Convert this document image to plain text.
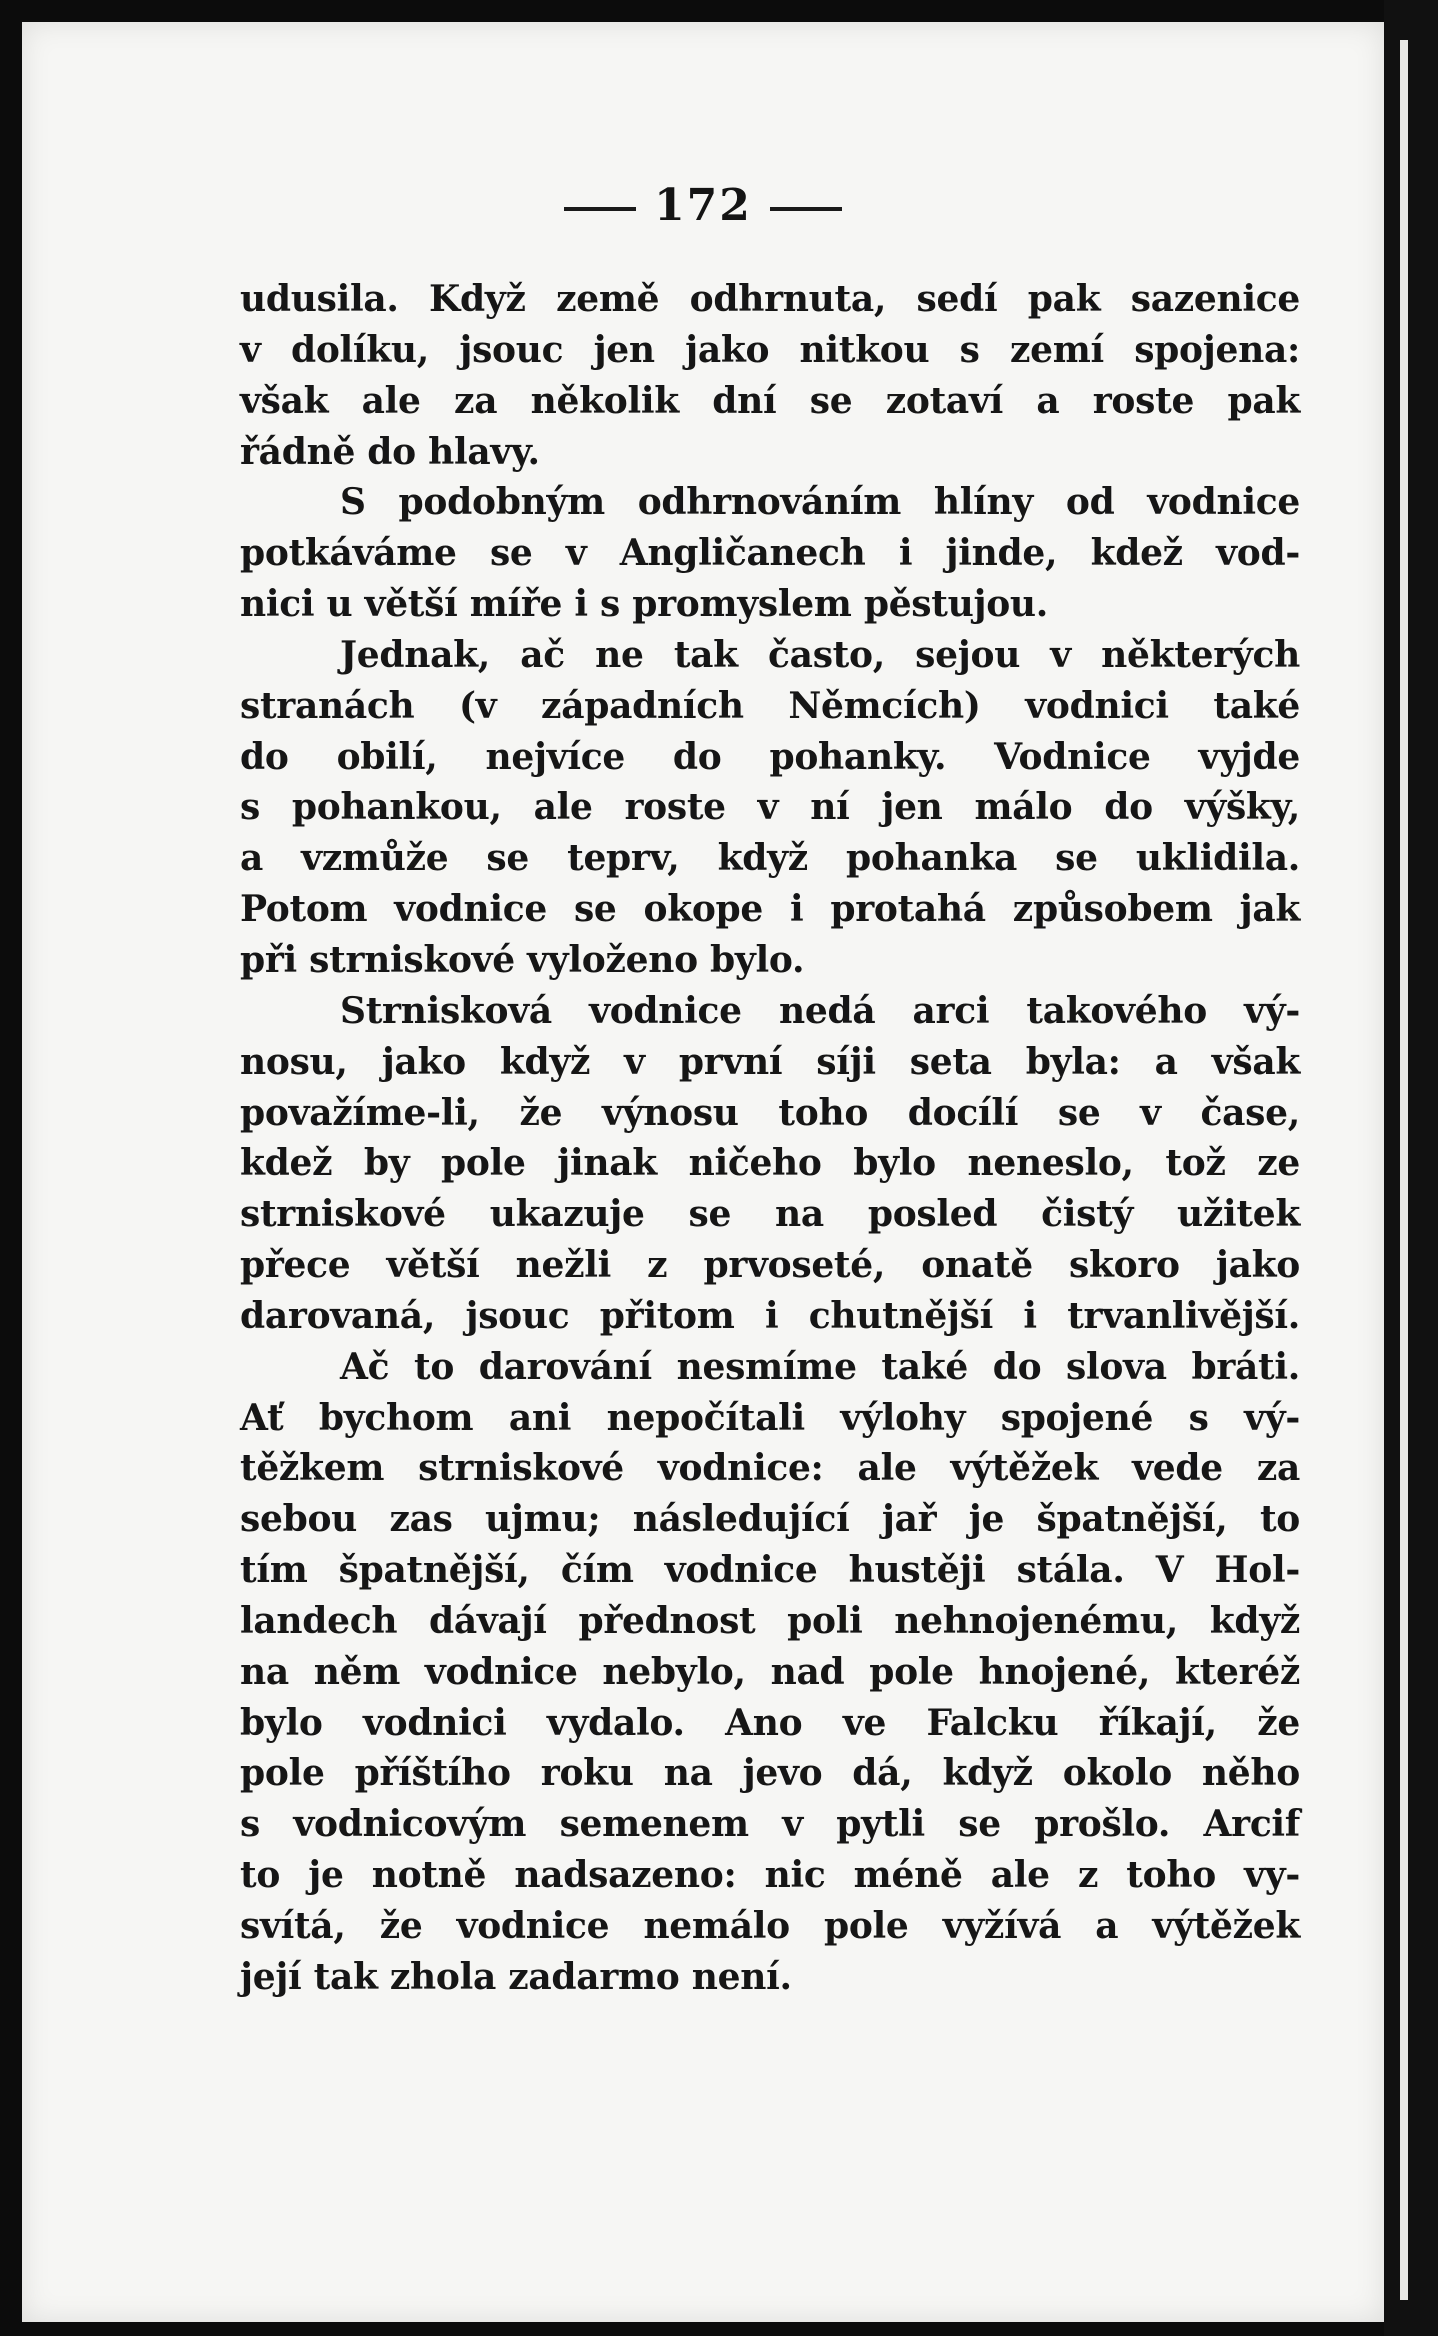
172
udusila. Když země odhrnuta, sedí pak sazenice
v dolíku, jsouc jen jako nitkou s zemí spojena:
však ale za několik dní se zotaví a roste pak
řádně do hlavy.
S podobným odhrnováním hlíny od vodnice
potkáváme se v Angličanech i jinde, kdež vod-
nici u větší míře i s promyslem pěstujou.
Jednak, ač ne tak často, sejou v některých
stranách (v západních Němcích) vodnici také
do obilí, nejvíce do pohanky. Vodnice vyjde
s pohankou, ale roste v ní jen málo do výšky,
a vzmůže se teprv, když pohanka se uklidila.
Potom vodnice se okope i protahá způsobem jak
při strniskové vyloženo bylo.
Strnisková vodnice nedá arci takového vý-
nosu, jako když v první síji seta byla: a však
považíme-li, že výnosu toho docílí se v čase,
kdež by pole jinak ničeho bylo neneslo, tož ze
strniskové ukazuje se na posled čistý užitek
přece větší nežli z prvoseté, onatě skoro jako
darovaná, jsouc přitom i chutnější i trvanlivější.
Ač to darování nesmíme také do slova bráti.
Ať bychom ani nepočítali výlohy spojené s vý-
těžkem strniskové vodnice: ale výtěžek vede za
sebou zas ujmu; následující jař je špatnější, to
tím špatnější, čím vodnice hustěji stála. V Hol-
landech dávají přednost poli nehnojenému, když
na něm vodnice nebylo, nad pole hnojené, kteréž
bylo vodnici vydalo. Ano ve Falcku říkají, že
pole příštího roku na jevo dá, když okolo něho
s vodnicovým semenem v pytli se prošlo. Arcif
to je notně nadsazeno: nic méně ale z toho vy-
svítá, že vodnice nemálo pole vyžívá a výtěžek
její tak zhola zadarmo není.
